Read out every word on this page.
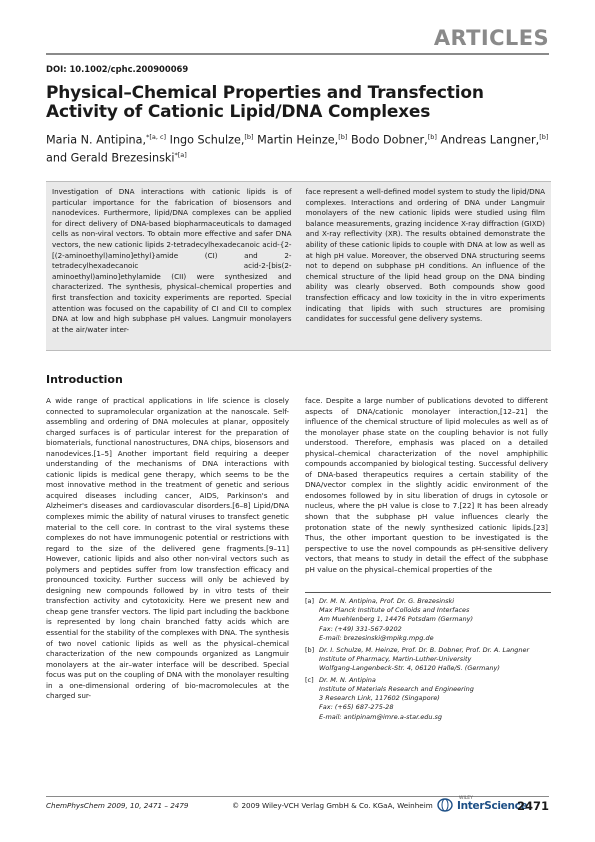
ARTICLES
DOI: 10.1002/cphc.200900069
Physical–Chemical Properties and Transfection Activity of Cationic Lipid/DNA Complexes
Maria N. Antipina,$^{*[a, c]}$ Ingo Schulze,[b] Martin Heinze,[b] Bodo Dobner,[b] Andreas Langner,[b]
and Gerald Brezesinski$^{*[a]}$
Investigation of DNA interactions with cationic lipids is of particular importance for the fabrication of biosensors and nanodevices. Furthermore, lipid/DNA complexes can be applied for direct delivery of DNA-based biopharmaceuticals to damaged cells as non-viral vectors. To obtain more effective and safer DNA vectors, the new cationic lipids 2-tetradecylhexadecanoic acid-{2-[(2-aminoethyl)amino]ethyl}amide (CI) and 2-tetradecylhexadecanoic acid-2-[bis(2-aminoethyl)amino]ethylamide (CII) were synthesized and characterized. The synthesis, physical–chemical properties and first transfection and toxicity experiments are reported. Special attention was focused on the capability of CI and CII to complex DNA at low and high subphase pH values. Langmuir monolayers at the air/water inter-
face represent a well-defined model system to study the lipid/DNA complexes. Interactions and ordering of DNA under Langmuir monolayers of the new cationic lipids were studied using film balance measurements, grazing incidence X-ray diffraction (GIXD) and X-ray reflectivity (XR). The results obtained demonstrate the ability of these cationic lipids to couple with DNA at low as well as at high pH value. Moreover, the observed DNA structuring seems not to depend on subphase pH conditions. An influence of the chemical structure of the lipid head group on the DNA binding ability was clearly observed. Both compounds show good transfection efficacy and low toxicity in the in vitro experiments indicating that lipids with such structures are promising candidates for successful gene delivery systems.
Introduction
A wide range of practical applications in life science is closely connected to supramolecular organization at the nanoscale. Self-assembling and ordering of DNA molecules at planar, oppositely charged surfaces is of particular interest for the preparation of biomaterials, functional nanostructures, DNA chips, biosensors and nanodevices.[1–5] Another important field requiring a deeper understanding of the mechanisms of DNA interactions with cationic lipids is medical gene therapy, which seems to be the most innovative method in the treatment of genetic and serious acquired diseases including cancer, AIDS, Parkinson's and Alzheimer's diseases and cardiovascular disorders.[6–8] Lipid/DNA complexes mimic the ability of natural viruses to transfect genetic material to the cell core. In contrast to the viral systems these complexes do not have immunogenic potential or restrictions with regard to the size of the delivered gene fragments.[9–11] However, cationic lipids and also other non-viral vectors such as polymers and peptides suffer from low transfection efficacy and pronounced toxicity. Further success will only be achieved by designing new compounds followed by in vitro tests of their transfection activity and cytotoxicity. Here we present new and cheap gene transfer vectors. The lipid part including the backbone is represented by long chain branched fatty acids which are essential for the stability of the complexes with DNA. The synthesis of two novel cationic lipids as well as the physical–chemical characterization of the new compounds organized as Langmuir monolayers at the air–water interface will be described. Special focus was put on the coupling of DNA with the monolayer resulting in a one-dimensional ordering of bio-macromolecules at the charged sur-
face. Despite a large number of publications devoted to different aspects of DNA/cationic monolayer interaction,[12–21] the influence of the chemical structure of lipid molecules as well as of the monolayer phase state on the coupling behavior is not fully understood. Therefore, emphasis was placed on a detailed physical–chemical characterization of the novel amphiphilic compounds accompanied by biological testing. Successful delivery of DNA-based therapeutics requires a certain stability of the DNA/vector complex in the slightly acidic environment of the endosomes followed by in situ liberation of drugs in cytosole or nucleus, where the pH value is close to 7.[22] It has been already shown that the subphase pH value influences clearly the protonation state of the newly synthesized cationic lipids.[23] Thus, the other important question to be investigated is the perspective to use the novel compounds as pH-sensitive delivery vectors, that means to study in detail the effect of the subphase pH value on the physical–chemical properties of the
[a] Dr. M. N. Antipina, Prof. Dr. G. Brezesinski
Max Planck Institute of Colloids and Interfaces
Am Muehlenberg 1, 14476 Potsdam (Germany)
Fax: (+49) 331-567-9202
E-mail: brezesinski@mpikg.mpg.de
[b] Dr. I. Schulze, M. Heinze, Prof. Dr. B. Dobner, Prof. Dr. A. Langner
Institute of Pharmacy, Martin-Luther-University
Wolfgang-Langenbeck-Str. 4, 06120 Halle/S. (Germany)
[c] Dr. M. N. Antipina
Institute of Materials Research and Engineering
3 Research Link, 117602 (Singapore)
Fax: (+65) 687-275-28
E-mail: antipinam@imre.a-star.edu.sg
ChemPhysChem 2009, 10, 2471 – 2479	© 2009 Wiley-VCH Verlag GmbH & Co. KGaA, Weinheim
WILEY
InterScience
2471
